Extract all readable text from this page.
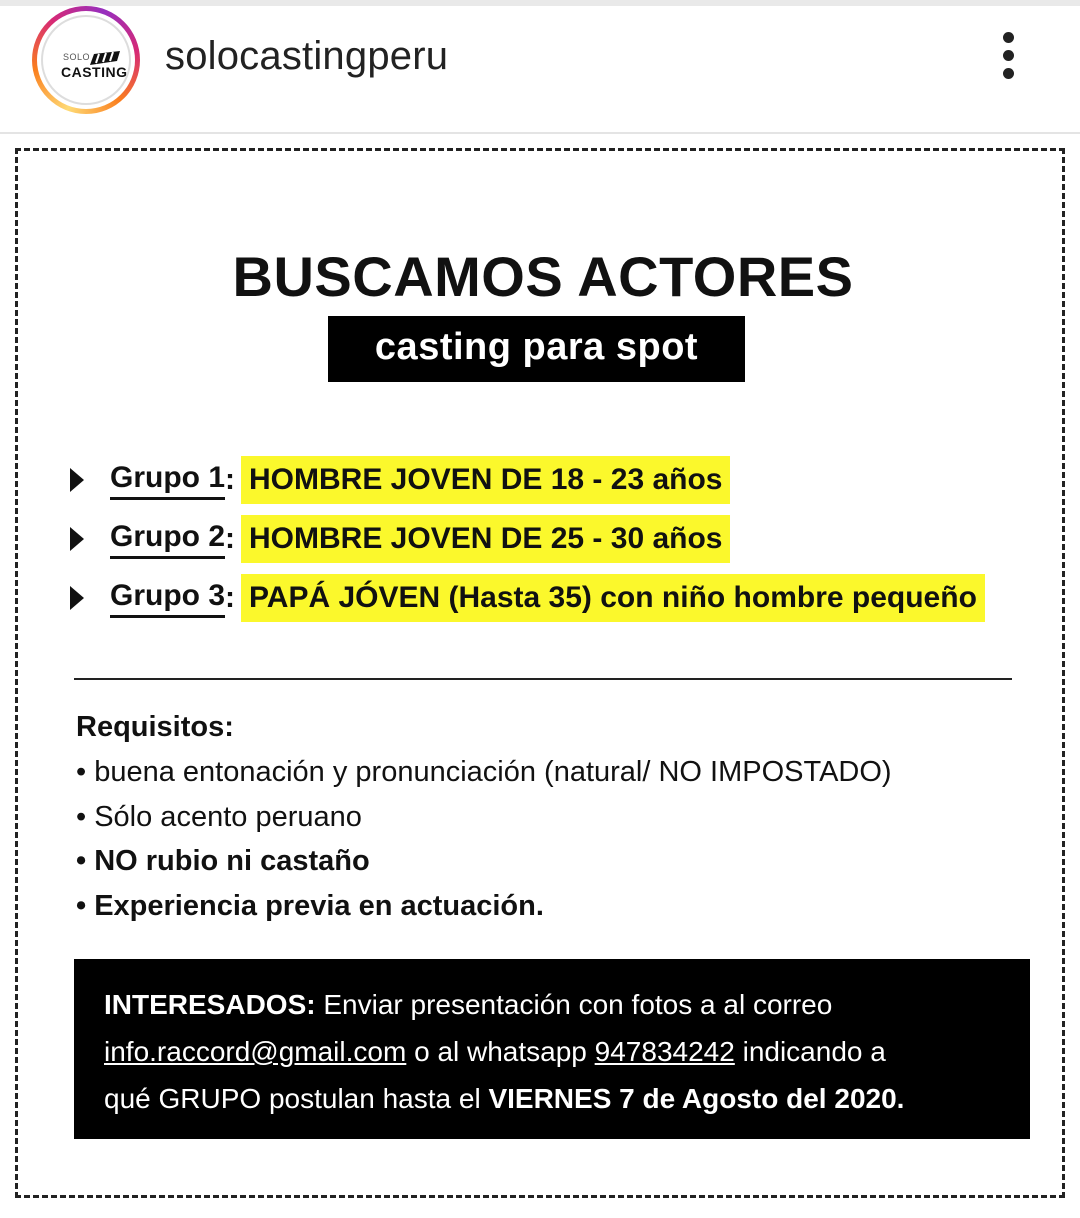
SOLO
CASTING solocastingperu
BUSCAMOS ACTORES
casting para spot
Grupo 1 : HOMBRE JOVEN DE 18 - 23 años
Grupo 2 : HOMBRE JOVEN DE 25 - 30 años
Grupo 3 : PAPÁ JÓVEN (Hasta 35) con niño hombre pequeño
Requisitos:
• buena entonación y pronunciación (natural/ NO IMPOSTADO)
• Sólo acento peruano
• NO rubio ni castaño
• Experiencia previa en actuación.
INTERESADOS: Enviar presentación con fotos a al correo
info.raccord@gmail.com o al whatsapp 947834242 indicando a
qué GRUPO postulan hasta el VIERNES 7 de Agosto del 2020.
